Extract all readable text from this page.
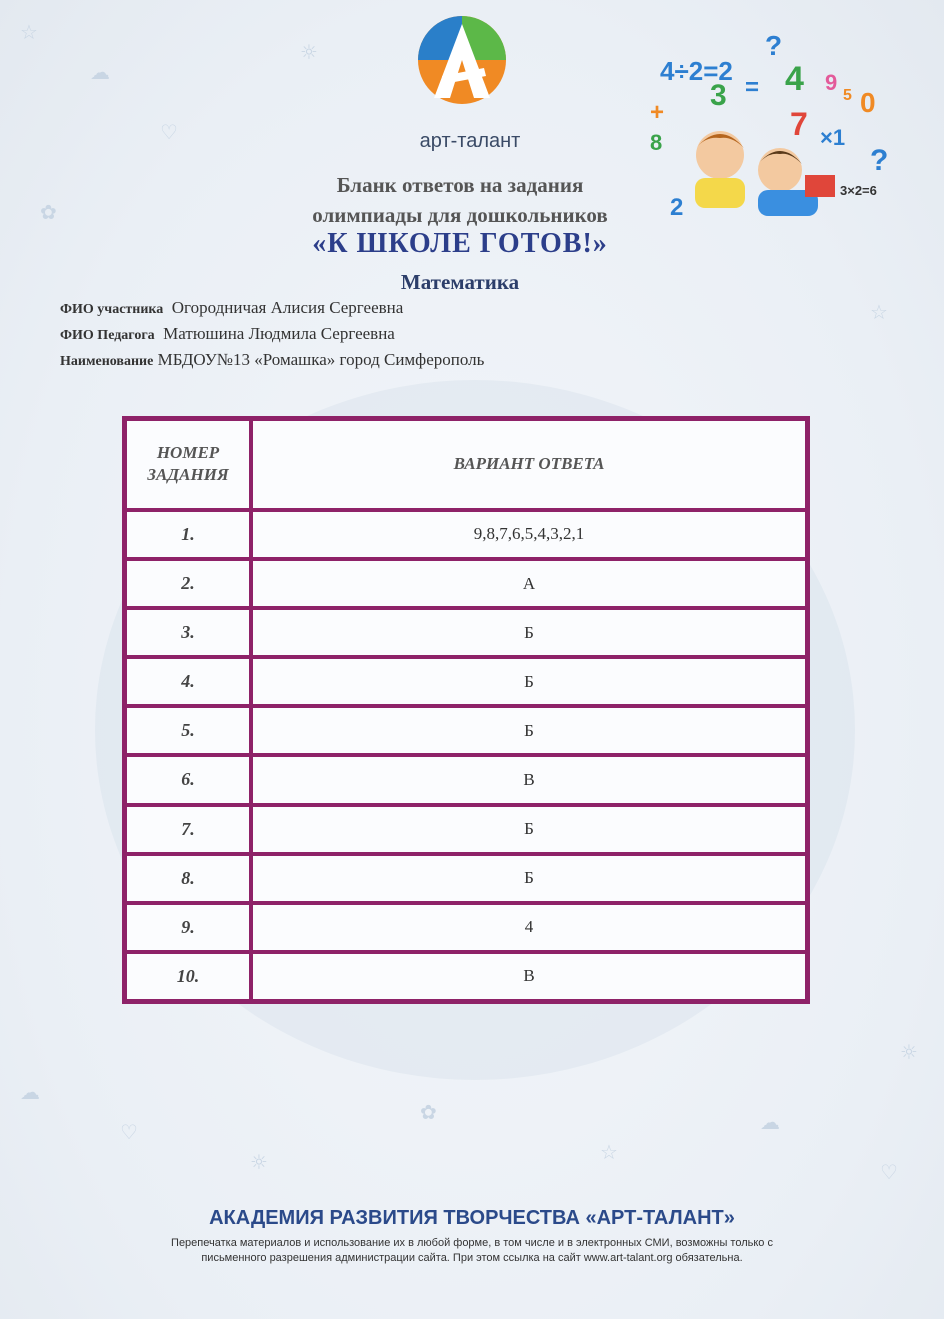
☆
☁
♡
✿
☼
☆
☁
♡
☼
✿
☆
☁
♡
☼
арт-талант
4÷2=2
?
3 = 4 9
+
5 0
8
7 ×1
?
2
3×2=6
Бланк ответов на задания
олимпиады для дошкольников
«К ШКОЛЕ ГОТОВ!»
Математика
ФИО участника Огородничая Алисия Сергеевна
ФИО Педагога Матюшина Людмила Сергеевна
Наименование МБДОУ№13 «Ромашка» город Симферополь
НОМЕР
ЗАДАНИЯ	ВАРИАНТ ОТВЕТА
1.	9,8,7,6,5,4,3,2,1
2.	А
3.	Б
4.	Б
5.	Б
6.	В
7.	Б
8.	Б
9.	4
10.	В
АКАДЕМИЯ РАЗВИТИЯ ТВОРЧЕСТВА «АРТ-ТАЛАНТ»
Перепечатка материалов и использование их в любой форме, в том числе и в электронных СМИ, возможны только с
письменного разрешения администрации сайта. При этом ссылка на сайт www.art-talant.org обязательна.
